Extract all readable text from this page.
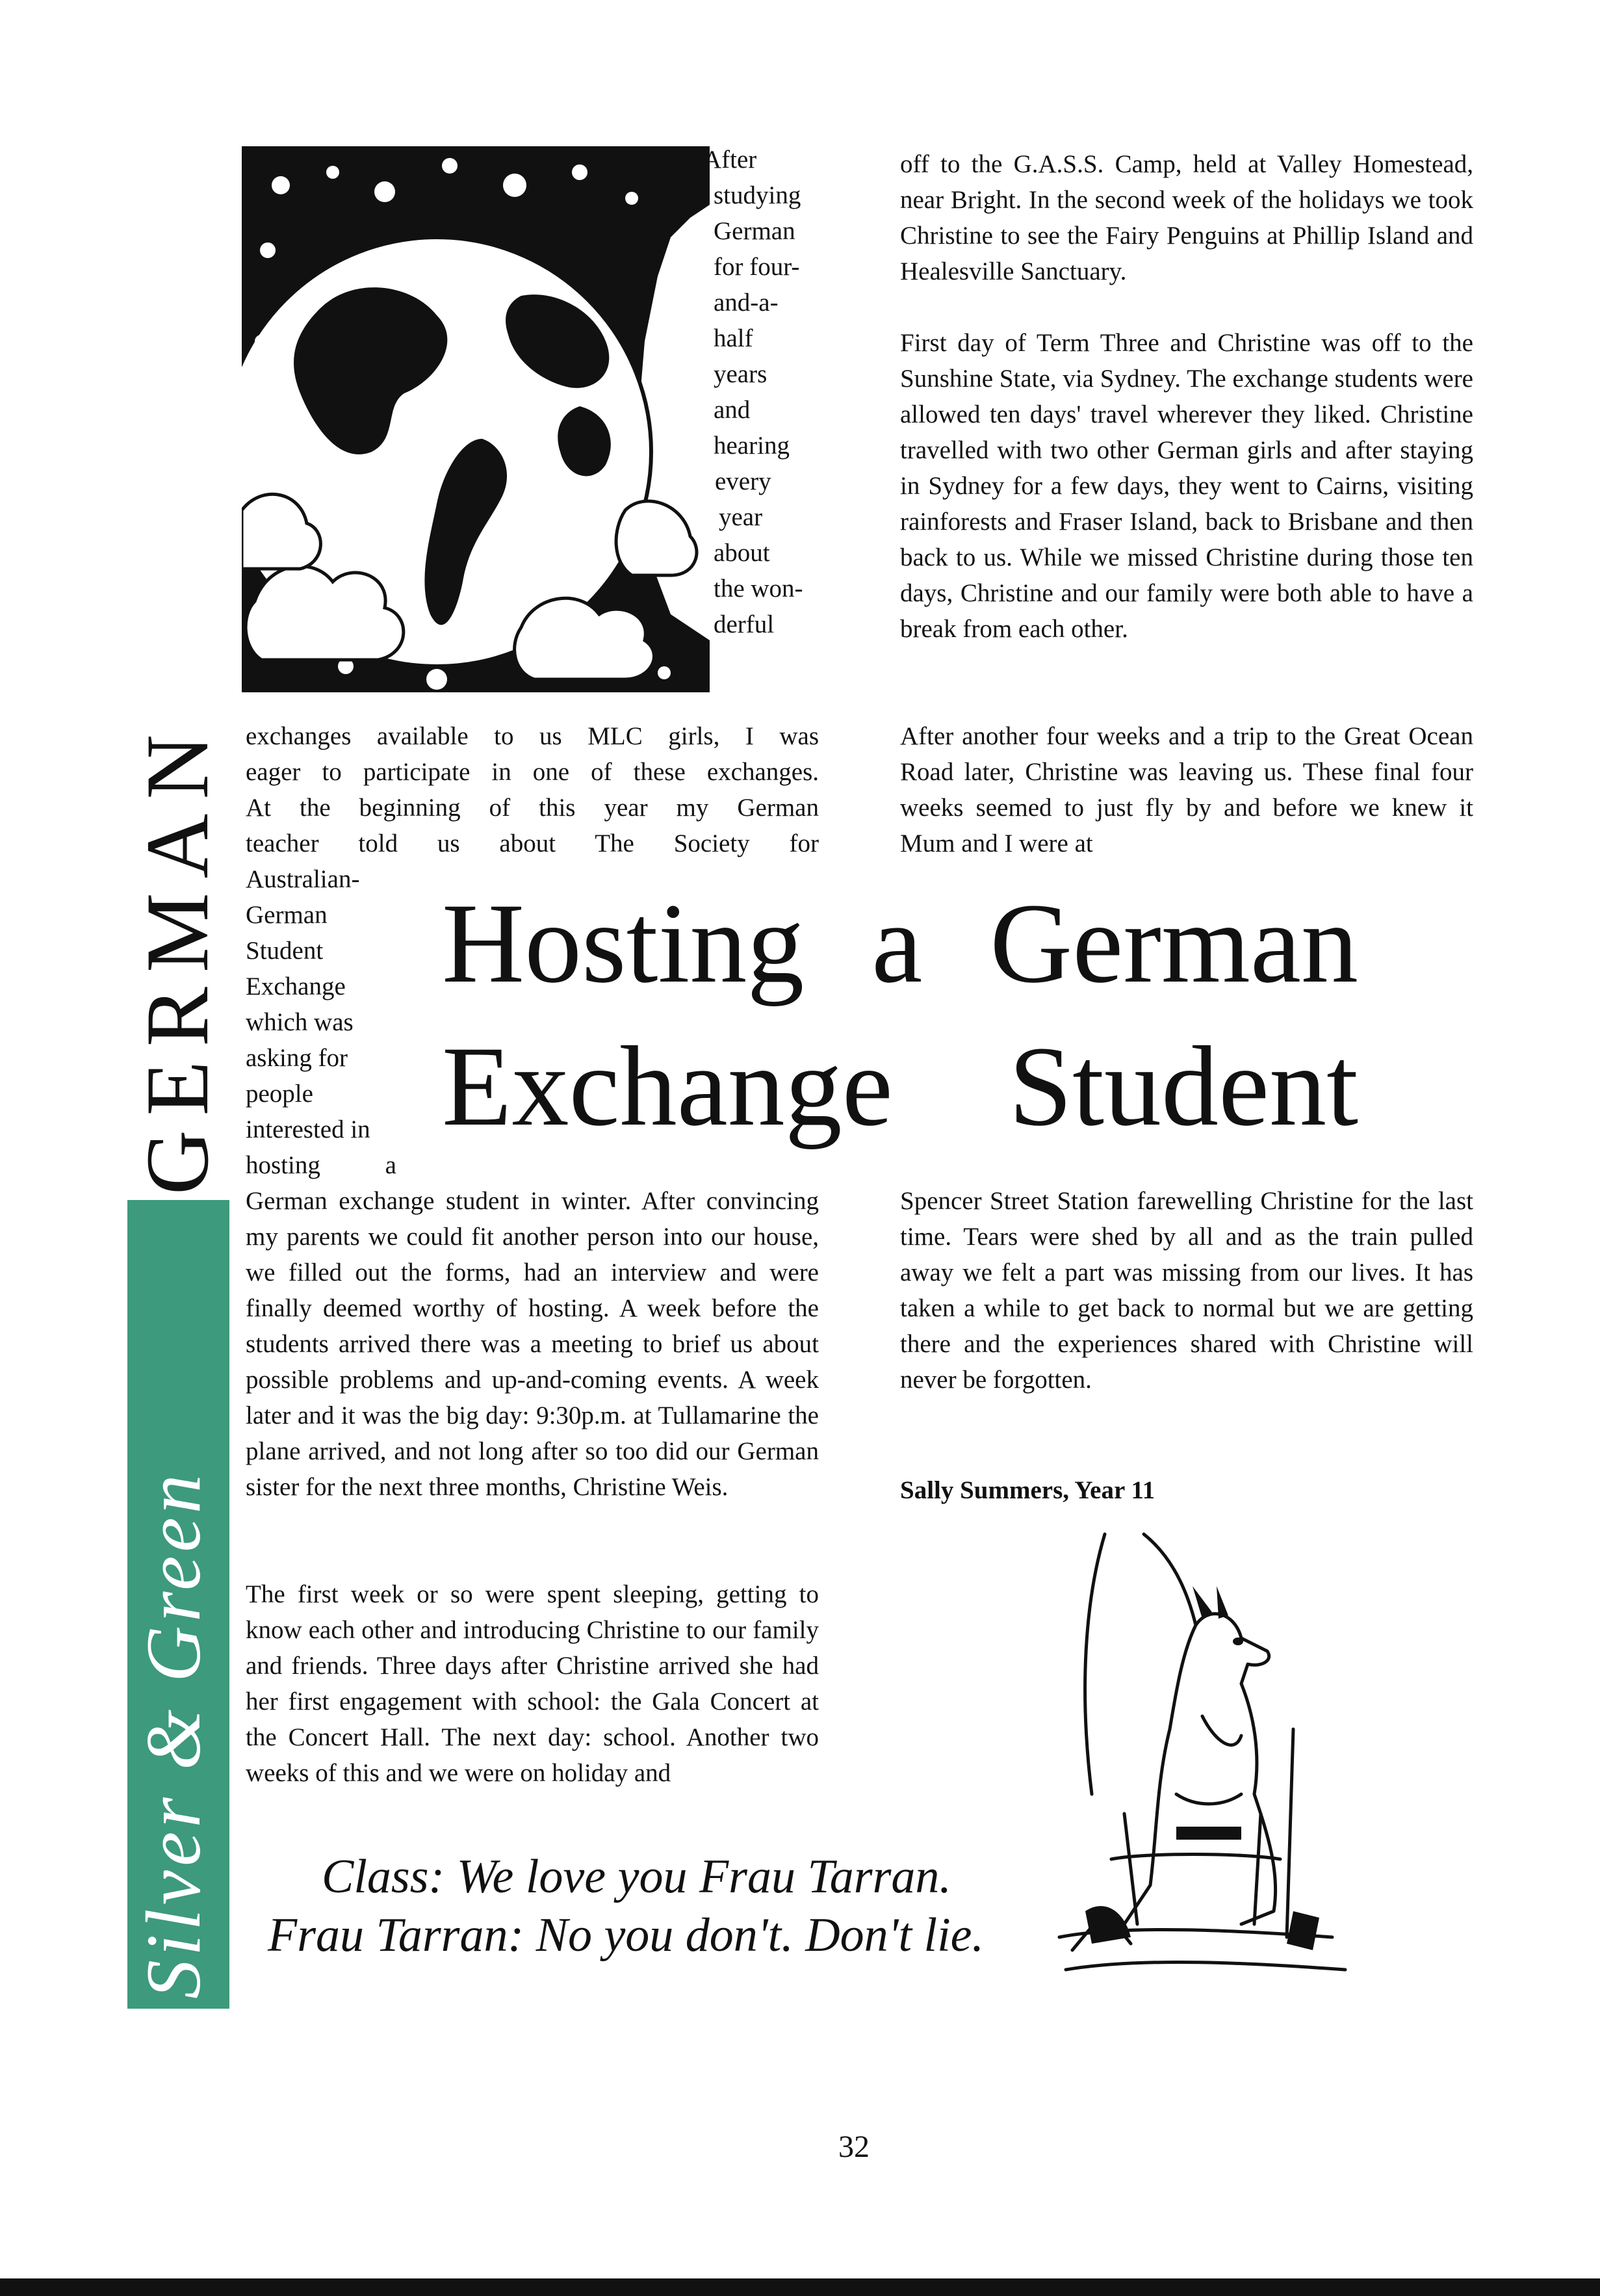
Silver & Green
GERMAN
After
studying
German
for four-
and-a-
half
years
and
hearing
every
year
about
the won-
derful
exchanges available to us MLC girls, I was
eager to participate in one of these exchanges.
At the beginning of this year my German
teacher told us about The Society for
Australian-
German
Student
Exchange
which was
asking for
people
interested in
hosting a
Hosting a German
Exchange Student

German exchange student in winter. After convincing my parents we could fit another person into our house, we filled out the forms, had an interview and were finally deemed worthy of hosting. A week before the students arrived there was a meeting to brief us about possible problems and up-and-coming events. A week later and it was the big day: 9:30p.m. at Tullamarine the plane arrived, and not long after so too did our German sister for the next three months, Christine Weis.

The first week or so were spent sleeping, getting to know each other and introducing Christine to our family and friends. Three days after Christine arrived she had her first engagement with school: the Gala Concert at the Concert Hall. The next day: school. Another two weeks of this and we were on holiday and

off to the G.A.S.S. Camp, held at Valley Homestead, near Bright. In the second week of the holidays we took Christine to see the Fairy Penguins at Phillip Island and Healesville Sanctuary.

First day of Term Three and Christine was off to the Sunshine State, via Sydney. The exchange students were allowed ten days' travel wherever they liked. Christine travelled with two other German girls and after staying in Sydney for a few days, they went to Cairns, visiting rainforests and Fraser Island, back to Brisbane and then back to us. While we missed Christine during those ten days, Christine and our family were both able to have a break from each other.

After another four weeks and a trip to the Great Ocean Road later, Christine was leaving us. These final four weeks seemed to just fly by and before we knew it Mum and I were at

Spencer Street Station farewelling Christine for the last time. Tears were shed by all and as the train pulled away we felt a part was missing from our lives. It has taken a while to get back to normal but we are getting there and the experiences shared with Christine will never be forgotten.

Sally Summers, Year 11
Class: We love you Frau Tarran.
Frau Tarran: No you don't. Don't lie.
32
